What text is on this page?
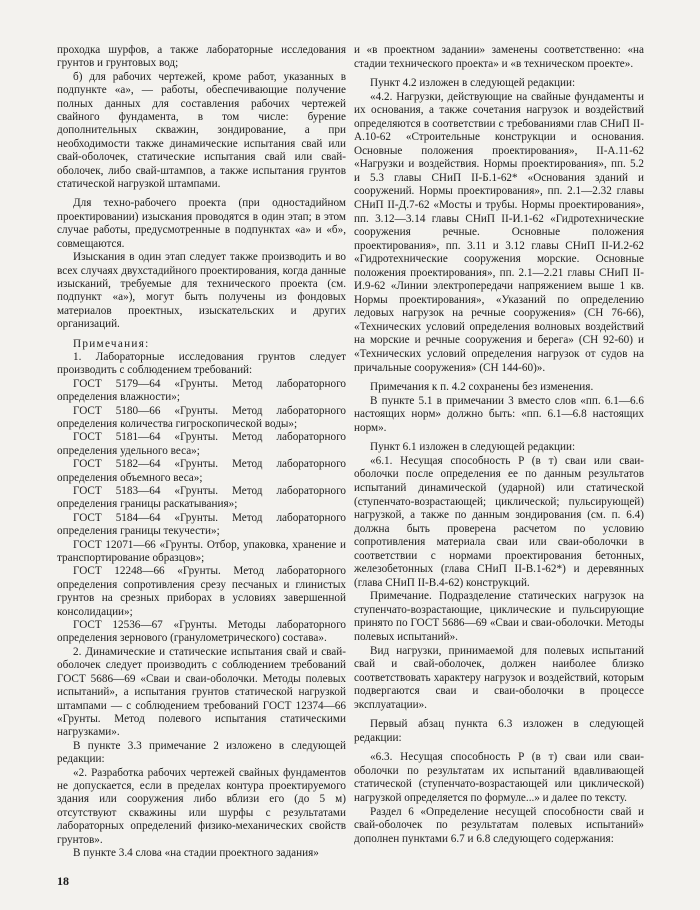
проходка шурфов, а также лабораторные исследования грунтов и грунтовых вод;

б) для рабочих чертежей, кроме работ, указанных в подпункте «а», — работы, обеспечивающие получение полных данных для составления рабочих чертежей свайного фундамента, в том числе: бурение дополнительных скважин, зондирование, а при необходимости также динамические испытания свай или свай-оболочек, статические испытания свай или свай-оболочек, либо свай-штампов, а также испытания грунтов статической нагрузкой штампами.

Для техно-рабочего проекта (при одностадийном проектировании) изыскания проводятся в один этап; в этом случае работы, предусмотренные в подпунктах «а» и «б», совмещаются.

Изыскания в один этап следует также производить и во всех случаях двухстадийного проектирования, когда данные изысканий, требуемые для технического проекта (см. подпункт «а»), могут быть получены из фондовых материалов проектных, изыскательских и других организаций.

Примечания:

1. Лабораторные исследования грунтов следует производить с соблюдением требований:

ГОСТ 5179—64 «Грунты. Метод лабораторного определения влажности»;

ГОСТ 5180—66 «Грунты. Метод лабораторного определения количества гигроскопической воды»;

ГОСТ 5181—64 «Грунты. Метод лабораторного определения удельного веса»;

ГОСТ 5182—64 «Грунты. Метод лабораторного определения объемного веса»;

ГОСТ 5183—64 «Грунты. Метод лабораторного определения границы раскатывания»;

ГОСТ 5184—64 «Грунты. Метод лабораторного определения границы текучести»;

ГОСТ 12071—66 «Грунты. Отбор, упаковка, хранение и транспортирование образцов»;

ГОСТ 12248—66 «Грунты. Метод лабораторного определения сопротивления срезу песчаных и глинистых грунтов на срезных приборах в условиях завершенной консолидации»;

ГОСТ 12536—67 «Грунты. Методы лабораторного определения зернового (гранулометрического) состава».

2. Динамические и статические испытания свай и свай-оболочек следует производить с соблюдением требований ГОСТ 5686—69 «Сваи и сваи-оболочки. Методы полевых испытаний», а испытания грунтов статической нагрузкой штампами — с соблюдением требований ГОСТ 12374—66 «Грунты. Метод полевого испытания статическими нагрузками».

В пункте 3.3 примечание 2 изложено в следующей редакции:

«2. Разработка рабочих чертежей свайных фундаментов не допускается, если в пределах контура проектируемого здания или сооружения либо вблизи его (до 5 м) отсутствуют скважины или шурфы с результатами лабораторных определений физико-механических свойств грунтов».

В пункте 3.4 слова «на стадии проектного задания»

и «в проектном задании» заменены соответственно: «на стадии технического проекта» и «в техническом проекте».

Пункт 4.2 изложен в следующей редакции:

«4.2. Нагрузки, действующие на свайные фундаменты и их основания, а также сочетания нагрузок и воздействий определяются в соответствии с требованиями глав СНиП II-А.10-62 «Строительные конструкции и основания. Основные положения проектирования», II-А.11-62 «Нагрузки и воздействия. Нормы проектирования», пп. 5.2 и 5.3 главы СНиП II-Б.1-62* «Основания зданий и сооружений. Нормы проектирования», пп. 2.1—2.32 главы СНиП II-Д.7-62 «Мосты и трубы. Нормы проектирования», пп. 3.12—3.14 главы СНиП II-И.1-62 «Гидротехнические сооружения речные. Основные положения проектирования», пп. 3.11 и 3.12 главы СНиП II-И.2-62 «Гидротехнические сооружения морские. Основные положения проектирования», пп. 2.1—2.21 главы СНиП II-И.9-62 «Линии электропередачи напряжением выше 1 кв. Нормы проектирования», «Указаний по определению ледовых нагрузок на речные сооружения» (СН 76-66), «Технических условий определения волновых воздействий на морские и речные сооружения и берега» (СН 92-60) и «Технических условий определения нагрузок от судов на причальные сооружения» (СН 144-60)».

Примечания к п. 4.2 сохранены без изменения.

В пункте 5.1 в примечании 3 вместо слов «пп. 6.1—6.6 настоящих норм» должно быть: «пп. 6.1—6.8 настоящих норм».

Пункт 6.1 изложен в следующей редакции:

«6.1. Несущая способность P (в т) сваи или сваи-оболочки после определения ее по данным результатов испытаний динамической (ударной) или статической (ступенчато-возрастающей; циклической; пульсирующей) нагрузкой, а также по данным зондирования (см. п. 6.4) должна быть проверена расчетом по условию сопротивления материала сваи или сваи-оболочки в соответствии с нормами проектирования бетонных, железобетонных (глава СНиП II-В.1-62*) и деревянных (глава СНиП II-В.4-62) конструкций.

Примечание. Подразделение статических нагрузок на ступенчато-возрастающие, циклические и пульсирующие принято по ГОСТ 5686—69 «Сваи и сваи-оболочки. Методы полевых испытаний».

Вид нагрузки, принимаемой для полевых испытаний свай и свай-оболочек, должен наиболее близко соответствовать характеру нагрузок и воздействий, которым подвергаются сваи и сваи-оболочки в процессе эксплуатации».

Первый абзац пункта 6.3 изложен в следующей редакции:

«6.3. Несущая способность P (в т) сваи или сваи-оболочки по результатам их испытаний вдавливающей статической (ступенчато-возрастающей или циклической) нагрузкой определяется по формуле...» и далее по тексту.

Раздел 6 «Определение несущей способности свай и свай-оболочек по результатам полевых испытаний» дополнен пунктами 6.7 и 6.8 следующего содержания:

18
